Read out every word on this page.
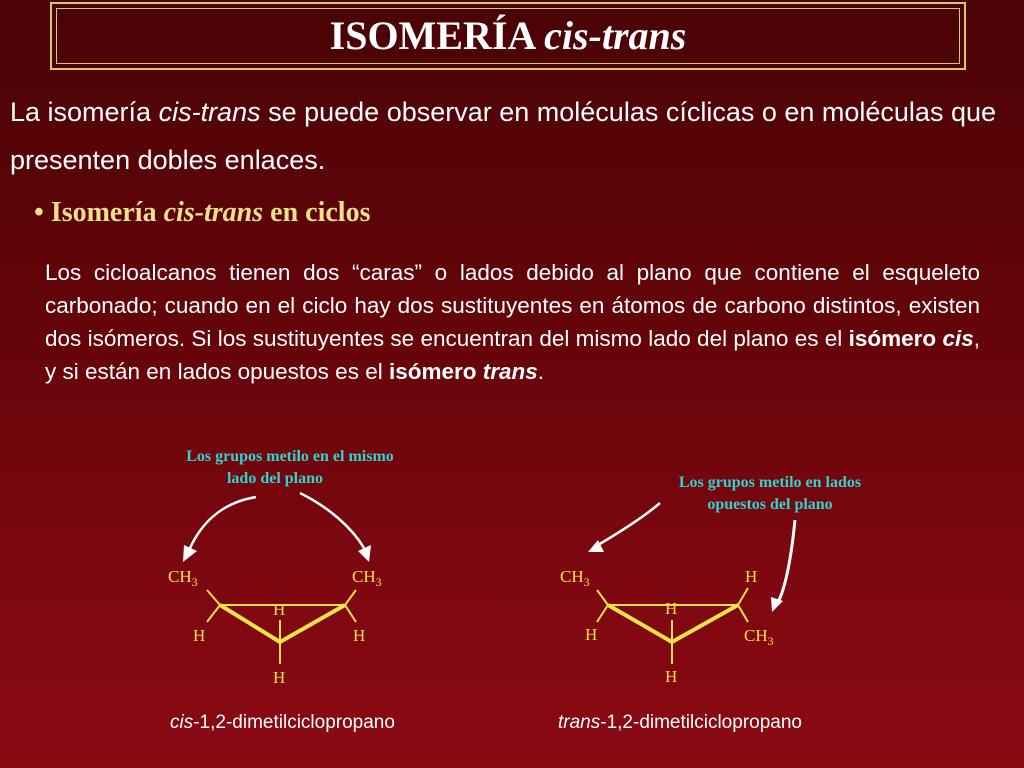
ISOMERÍA cis-trans
La isomería cis-trans se puede observar en moléculas cíclicas o en moléculas que presenten dobles enlaces.
• Isomería cis-trans en ciclos
Los cicloalcanos tienen dos “caras” o lados debido al plano que contiene el esqueleto carbonado; cuando en el ciclo hay dos sustituyentes en átomos de carbono distintos, existen dos isómeros. Si los sustituyentes se encuentran del mismo lado del plano es el isómero cis, y si están en lados opuestos es el isómero trans.
Los grupos metilo en el mismo
lado del plano	Los grupos metilo en lados
opuestos del plano
$CH_3$	$CH_3$
H
H	H
H
$CH_3$	H
H
H	$CH_3$
H
cis-1,2-dimetilciclopropano	trans-1,2-dimetilciclopropano
